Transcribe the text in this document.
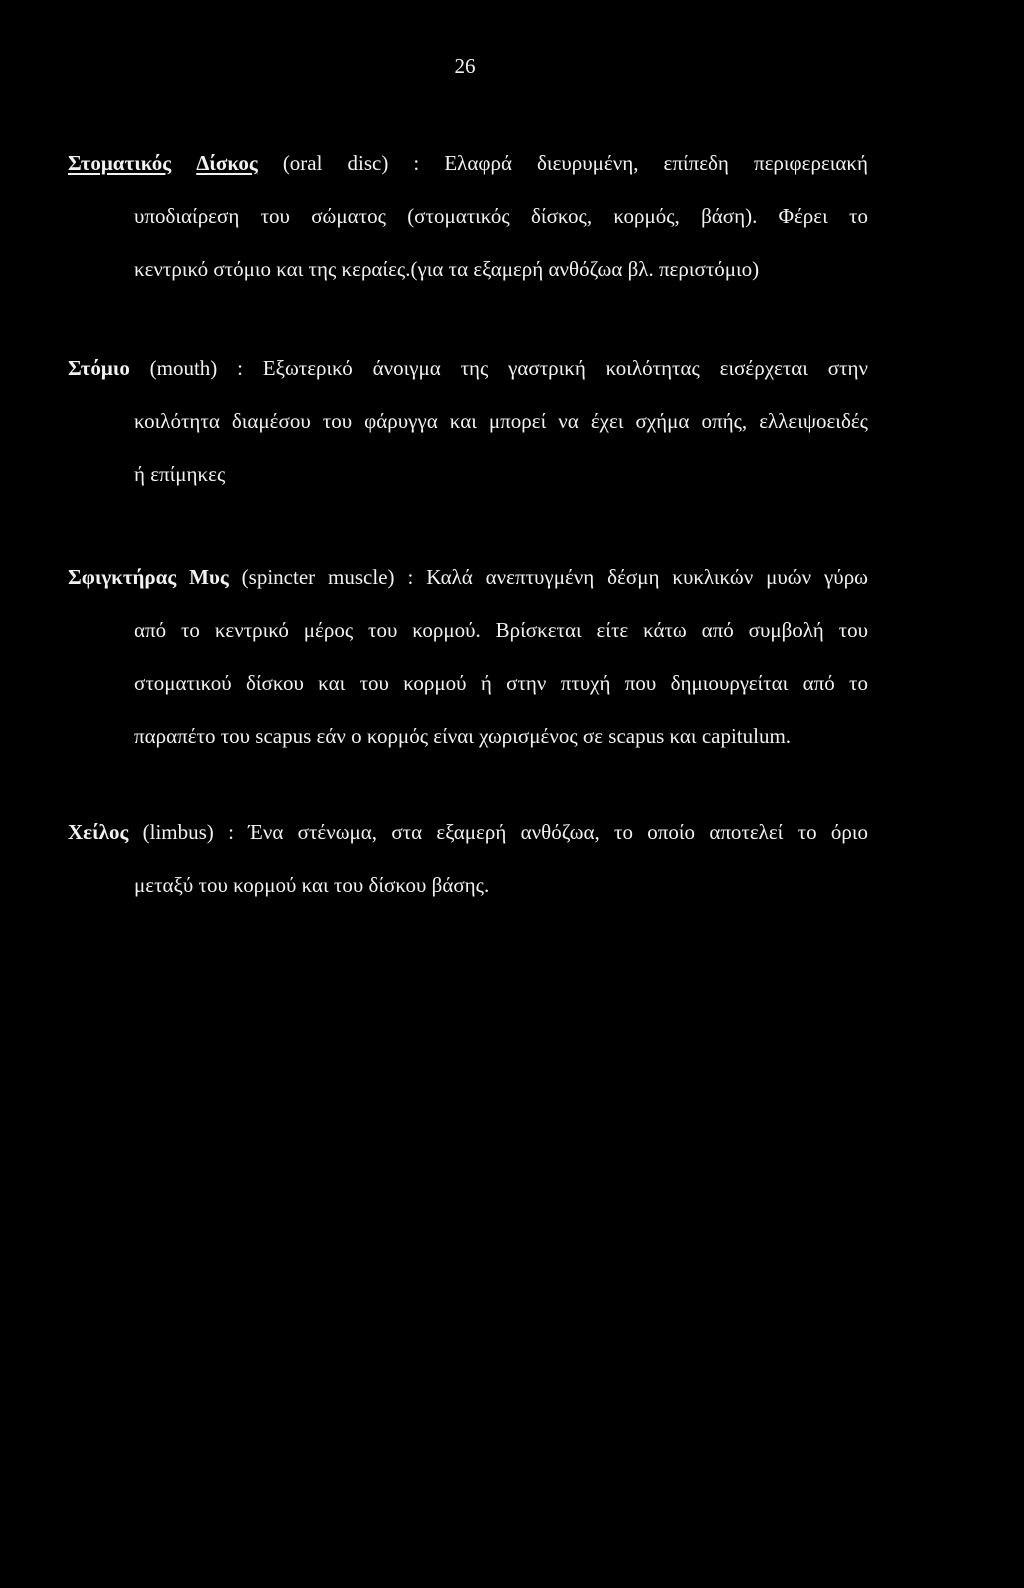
26
Στοματικός Δίσκος (oral disc) : Ελαφρά διευρυμένη, επίπεδη περιφερειακή
υποδιαίρεση του σώματος (στοματικός δίσκος, κορμός, βάση). Φέρει το
κεντρικό στόμιο και της κεραίες.(για τα εξαμερή ανθόζωα βλ. περιστόμιο)
Στόμιο (mouth) : Εξωτερικό άνοιγμα της γαστρική κοιλότητας εισέρχεται στην
κοιλότητα διαμέσου του φάρυγγα και μπορεί να έχει σχήμα οπής, ελλειψοειδές
ή επίμηκες
Σφιγκτήρας Μυς (spincter muscle) : Καλά ανεπτυγμένη δέσμη κυκλικών μυών γύρω
από το κεντρικό μέρος του κορμού. Βρίσκεται είτε κάτω από συμβολή του
στοματικού δίσκου και του κορμού ή στην πτυχή που δημιουργείται από το
παραπέτο του scapus εάν ο κορμός είναι χωρισμένος σε scapus και capitulum.
Χείλος (limbus) : Ένα στένωμα, στα εξαμερή ανθόζωα, το οποίο αποτελεί το όριο
μεταξύ του κορμού και του δίσκου βάσης.
